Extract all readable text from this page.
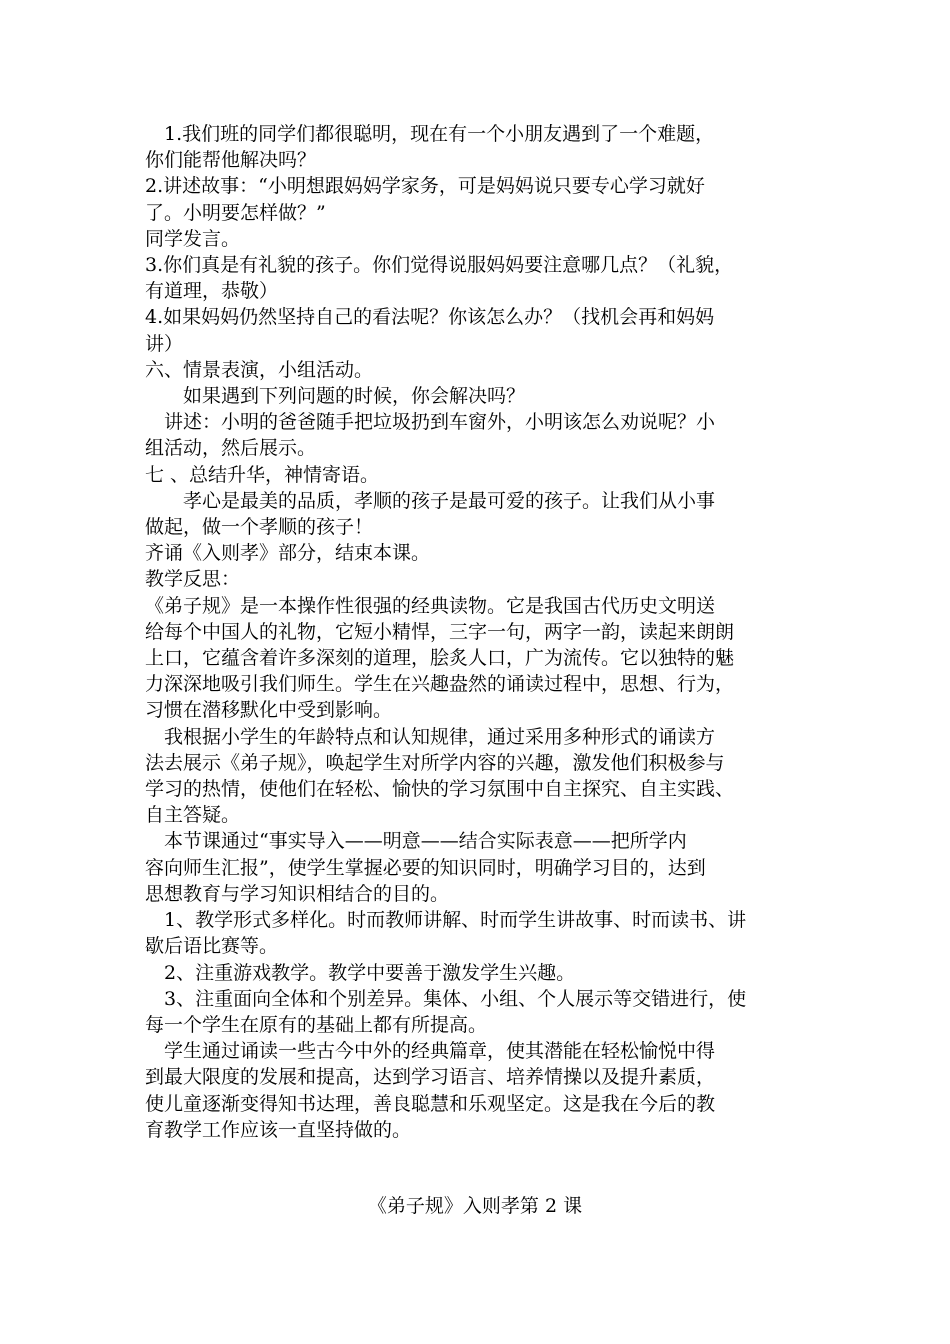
　1.我们班的同学们都很聪明，现在有一个小朋友遇到了一个难题，
你们能帮他解决吗？
2.讲述故事：“小明想跟妈妈学家务，可是妈妈说只要专心学习就好
了。小明要怎样做？”
同学发言。
3.你们真是有礼貌的孩子。你们觉得说服妈妈要注意哪几点？（礼貌，
有道理，恭敬）
4.如果妈妈仍然坚持自己的看法呢？你该怎么办？（找机会再和妈妈
讲）
六、情景表演，小组活动。
　　如果遇到下列问题的时候，你会解决吗？
　讲述：小明的爸爸随手把垃圾扔到车窗外，小明该怎么劝说呢？小
组活动，然后展示。
七 、总结升华，神情寄语。
　　孝心是最美的品质，孝顺的孩子是最可爱的孩子。让我们从小事
做起，做一个孝顺的孩子！
齐诵《入则孝》部分，结束本课。
教学反思：
《弟子规》是一本操作性很强的经典读物。它是我国古代历史文明送
给每个中国人的礼物，它短小精悍，三字一句，两字一韵，读起来朗朗
上口，它蕴含着许多深刻的道理，脍炙人口，广为流传。它以独特的魅
力深深地吸引我们师生。学生在兴趣盎然的诵读过程中，思想、行为，
习惯在潜移默化中受到影响。
　我根据小学生的年龄特点和认知规律，通过采用多种形式的诵读方
法去展示《弟子规》，唤起学生对所学内容的兴趣，激发他们积极参与
学习的热情，使他们在轻松、愉快的学习氛围中自主探究、自主实践、
自主答疑。
　本节课通过“事实导入——明意——结合实际表意——把所学内
容向师生汇报”，使学生掌握必要的知识同时，明确学习目的，达到
思想教育与学习知识相结合的目的。
　1、教学形式多样化。时而教师讲解、时而学生讲故事、时而读书、讲
歇后语比赛等。
　2、注重游戏教学。教学中要善于激发学生兴趣。
　3、注重面向全体和个别差异。集体、小组、个人展示等交错进行，使
每一个学生在原有的基础上都有所提高。
　学生通过诵读一些古今中外的经典篇章，使其潜能在轻松愉悦中得
到最大限度的发展和提高，达到学习语言、培养情操以及提升素质，
使儿童逐渐变得知书达理，善良聪慧和乐观坚定。这是我在今后的教
育教学工作应该一直坚持做的。
《弟子规》入则孝第 2 课
